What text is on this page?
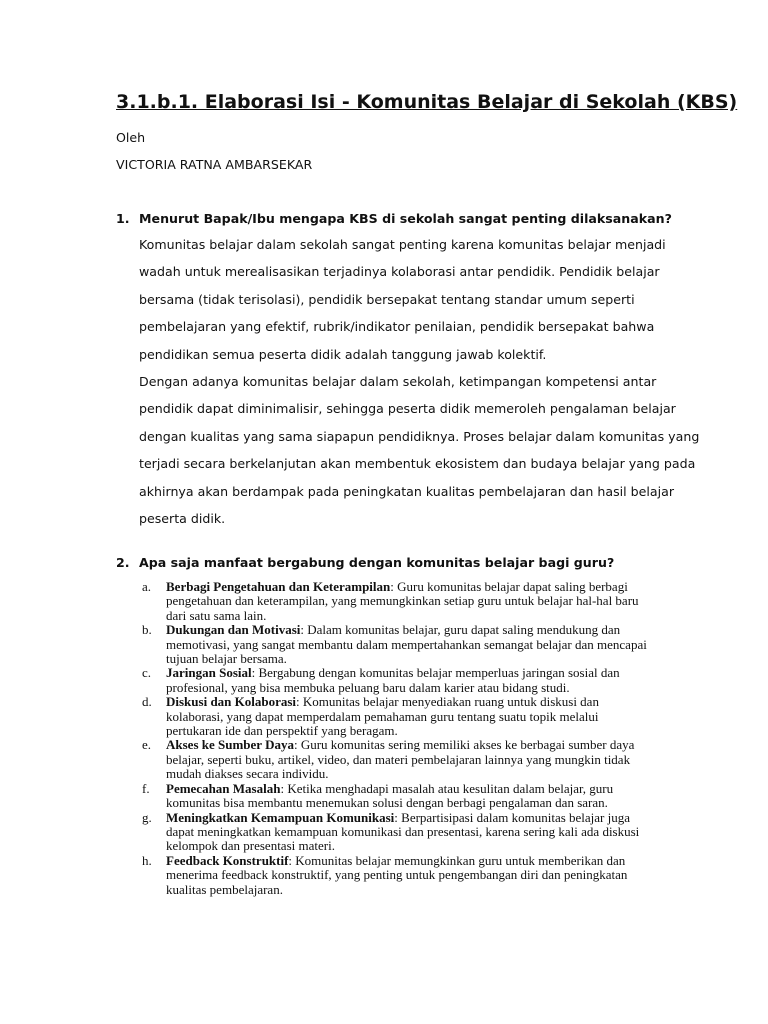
3.1.b.1. Elaborasi Isi - Komunitas Belajar di Sekolah (KBS)
Oleh
VICTORIA RATNA AMBARSEKAR
1. Menurut Bapak/Ibu mengapa KBS di sekolah sangat penting dilaksanakan?

Komunitas belajar dalam sekolah sangat penting karena komunitas belajar menjadi

wadah untuk merealisasikan terjadinya kolaborasi antar pendidik. Pendidik belajar

bersama (tidak terisolasi), pendidik bersepakat tentang standar umum seperti

pembelajaran yang efektif, rubrik/indikator penilaian, pendidik bersepakat bahwa

pendidikan semua peserta didik adalah tanggung jawab kolektif.

Dengan adanya komunitas belajar dalam sekolah, ketimpangan kompetensi antar

pendidik dapat diminimalisir, sehingga peserta didik memeroleh pengalaman belajar

dengan kualitas yang sama siapapun pendidiknya. Proses belajar dalam komunitas yang

terjadi secara berkelanjutan akan membentuk ekosistem dan budaya belajar yang pada

akhirnya akan berdampak pada peningkatan kualitas pembelajaran dan hasil belajar

peserta didik.

2. Apa saja manfaat bergabung dengan komunitas belajar bagi guru?
a. Berbagi Pengetahuan dan Keterampilan: Guru komunitas belajar dapat saling berbagi
pengetahuan dan keterampilan, yang memungkinkan setiap guru untuk belajar hal-hal baru
dari satu sama lain.
b. Dukungan dan Motivasi: Dalam komunitas belajar, guru dapat saling mendukung dan
memotivasi, yang sangat membantu dalam mempertahankan semangat belajar dan mencapai
tujuan belajar bersama.
c. Jaringan Sosial: Bergabung dengan komunitas belajar memperluas jaringan sosial dan
profesional, yang bisa membuka peluang baru dalam karier atau bidang studi.
d. Diskusi dan Kolaborasi: Komunitas belajar menyediakan ruang untuk diskusi dan
kolaborasi, yang dapat memperdalam pemahaman guru tentang suatu topik melalui
pertukaran ide dan perspektif yang beragam.
e. Akses ke Sumber Daya: Guru komunitas sering memiliki akses ke berbagai sumber daya
belajar, seperti buku, artikel, video, dan materi pembelajaran lainnya yang mungkin tidak
mudah diakses secara individu.
f. Pemecahan Masalah: Ketika menghadapi masalah atau kesulitan dalam belajar, guru
komunitas bisa membantu menemukan solusi dengan berbagi pengalaman dan saran.
g. Meningkatkan Kemampuan Komunikasi: Berpartisipasi dalam komunitas belajar juga
dapat meningkatkan kemampuan komunikasi dan presentasi, karena sering kali ada diskusi
kelompok dan presentasi materi.
h. Feedback Konstruktif: Komunitas belajar memungkinkan guru untuk memberikan dan
menerima feedback konstruktif, yang penting untuk pengembangan diri dan peningkatan
kualitas pembelajaran.
